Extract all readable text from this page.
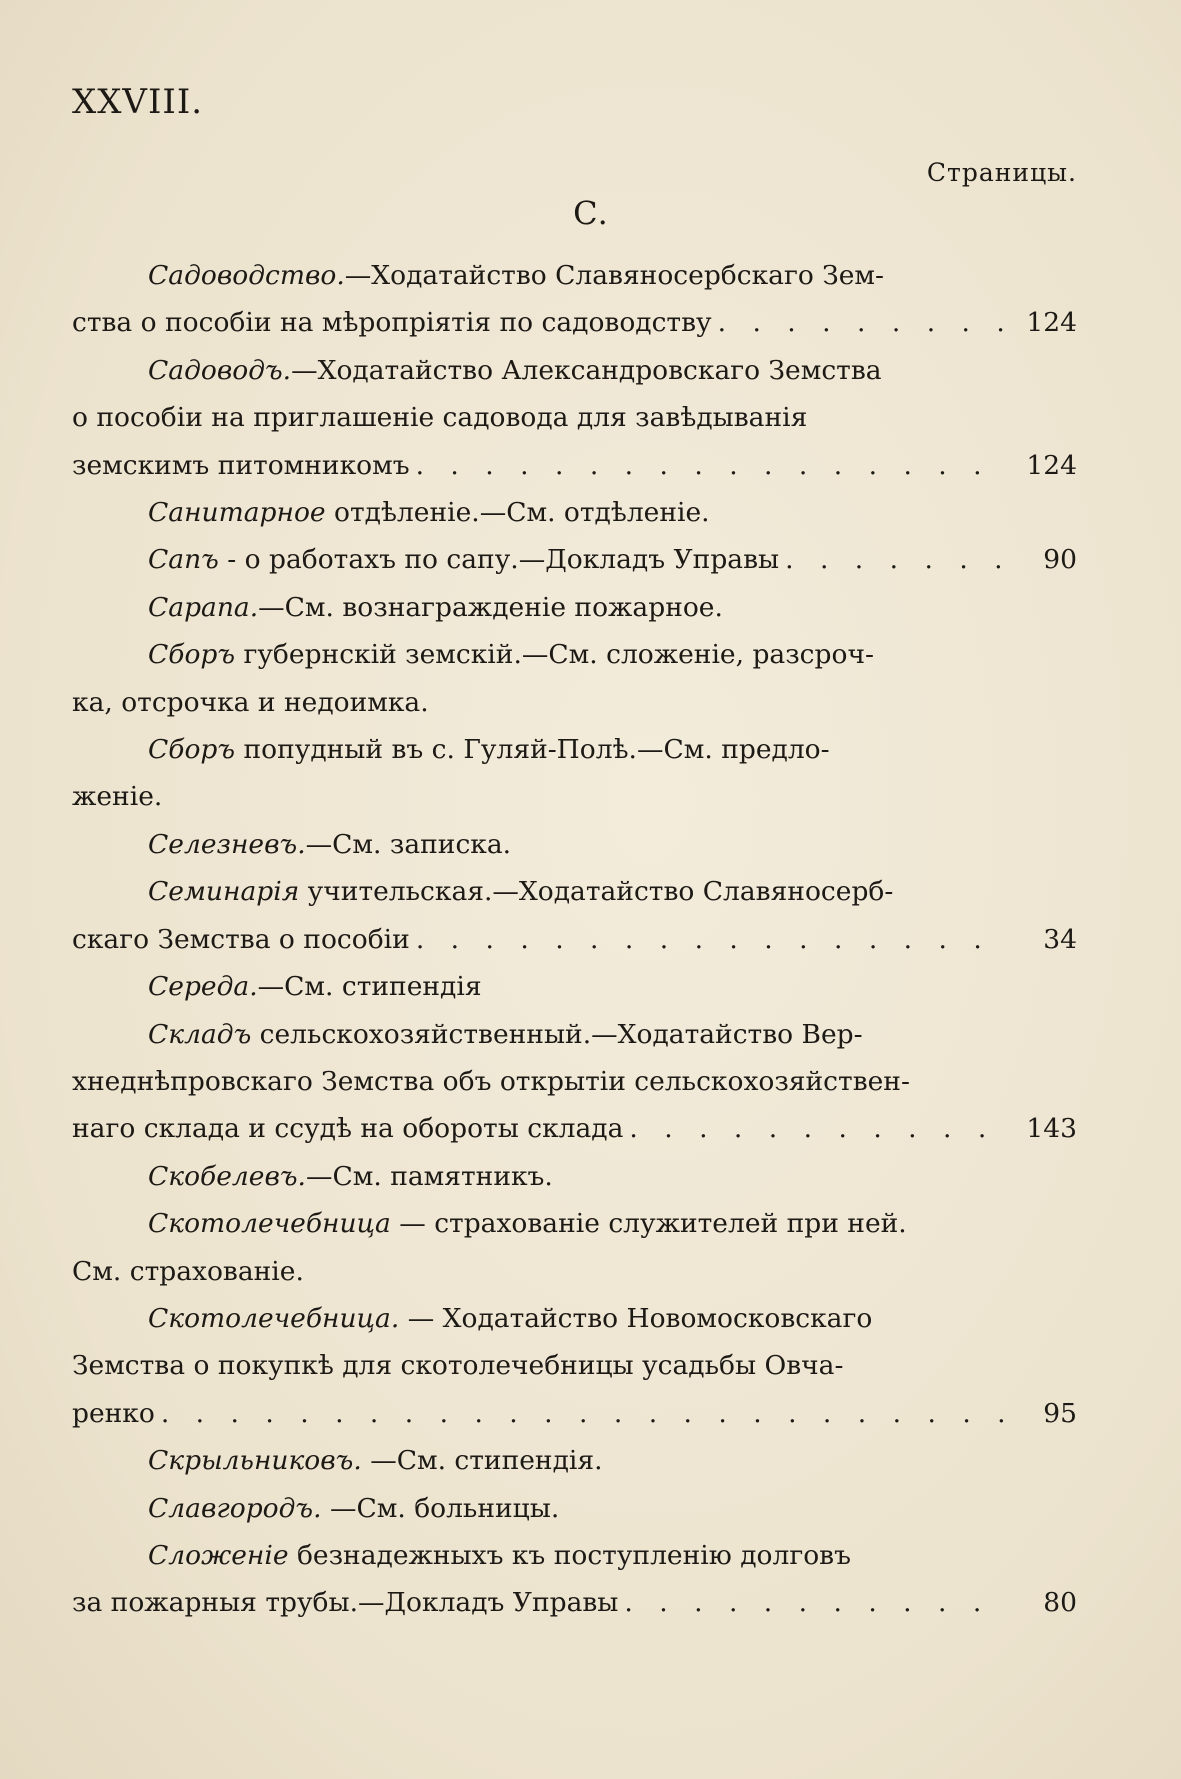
XXVIII.
Страницы.
С.
Садоводство.—Ходатайство Славяносербскаго Зем-
ства о пособіи на мѣропріятія по садоводству . . .	124
Садоводъ.—Ходатайство Александровскаго Земства
о пособіи на приглашеніе садовода для завѣдыванія
земскимъ питомникомъ . . .	124
Санитарное отдѣленіе.—См. отдѣленіе.
Сапъ - о работахъ по сапу.—Докладъ Управы . . .	90
Сарапа.—См. вознагражденіе пожарное.
Сборъ губернскій земскій.—См. сложеніе, разсроч-
ка, отсрочка и недоимка.
Сборъ попудный въ с. Гуляй-Полѣ.—См. предло-
женіе.
Селезневъ.—См. записка.
Семинарія учительская.—Ходатайство Славяносерб-
скаго Земства о пособіи . . .	34
Середа.—См. стипендія
Складъ сельскохозяйственный.—Ходатайство Вер-
хнеднѣпровскаго Земства объ открытіи сельскохозяйствен-
наго склада и ссудѣ на обороты склада . . .	143
Скобелевъ.—См. памятникъ.
Скотолечебница — страхованіе служителей при ней.
См. страхованіе.
Скотолечебница. — Ходатайство Новомосковскаго
Земства о покупкѣ для скотолечебницы усадьбы Овча-
ренко . . .	95
Скрыльниковъ. —См. стипендія.
Славгородъ. —См. больницы.
Сложеніе безнадежныхъ къ поступленію долговъ
за пожарныя трубы.—Докладъ Управы . . .	80
